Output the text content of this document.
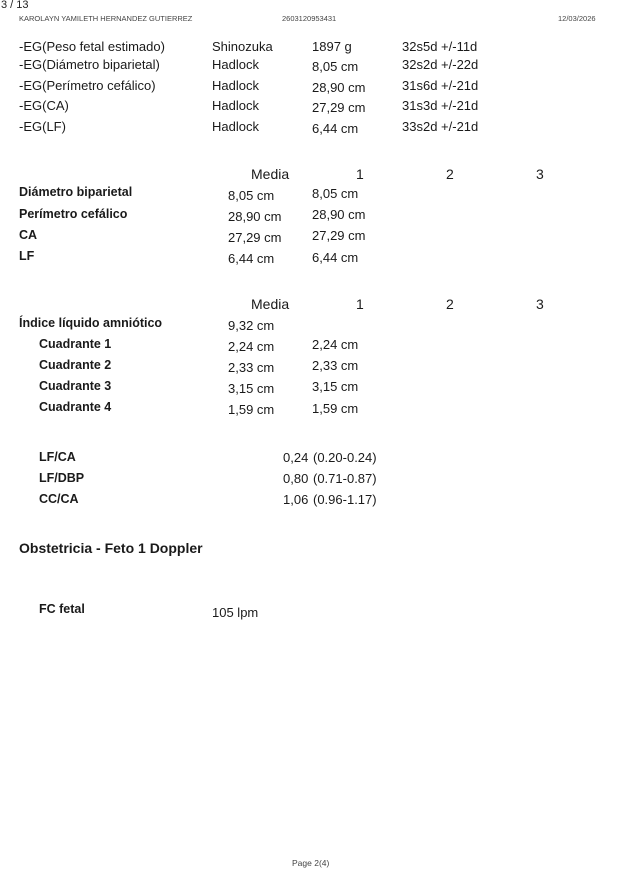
3 / 13
KAROLAYN YAMILETH HERNANDEZ GUTIERREZ	2603120953431	12/03/2026
-EG(Peso fetal estimado)	Shinozuka	1897 g	32s5d +/-11d
-EG(Diámetro biparietal)	Hadlock	8,05 cm	32s2d +/-22d
-EG(Perímetro cefálico)	Hadlock	28,90 cm	31s6d +/-21d
-EG(CA)	Hadlock	27,29 cm	31s3d +/-21d
-EG(LF)	Hadlock	6,44 cm	33s2d +/-21d
Media	1	2	3
Diámetro biparietal	8,05 cm	8,05 cm
Perímetro cefálico	28,90 cm 28,90 cm
CA	27,29 cm 27,29 cm
LF	6,44 cm	6,44 cm
Media	1	2	3
Índice líquido amniótico	9,32 cm
Cuadrante 1	2,24 cm	2,24 cm
Cuadrante 2	2,33 cm	2,33 cm
Cuadrante 3	3,15 cm	3,15 cm
Cuadrante 4	1,59 cm	1,59 cm
LF/CA	0,24 (0.20-0.24)
LF/DBP	0,80 (0.71-0.87)
CC/CA	1,06 (0.96-1.17)
Obstetricia - Feto 1 Doppler
FC fetal	105 lpm
Page 2(4)
